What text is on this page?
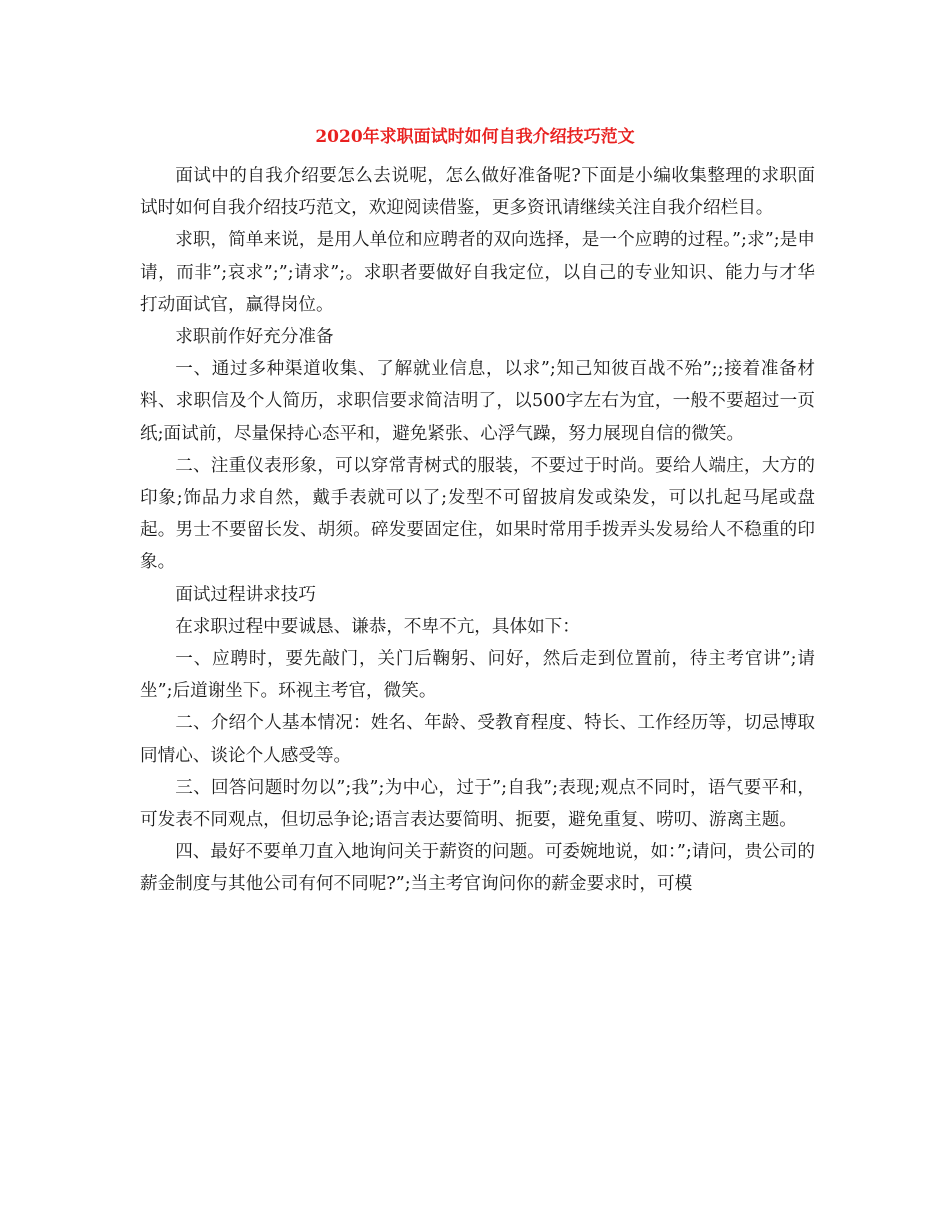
2020年求职面试时如何自我介绍技巧范文

面试中的自我介绍要怎么去说呢，怎么做好准备呢?下面是小编收集整理的求职面试时如何自我介绍技巧范文，欢迎阅读借鉴，更多资讯请继续关注自我介绍栏目。

求职，简单来说，是用人单位和应聘者的双向选择，是一个应聘的过程。”;求”;是申请，而非”;哀求”;”;请求”;。求职者要做好自我定位，以自己的专业知识、能力与才华打动面试官，赢得岗位。

求职前作好充分准备

一、通过多种渠道收集、了解就业信息，以求”;知己知彼百战不殆”;;接着准备材料、求职信及个人简历，求职信要求简洁明了，以500字左右为宜，一般不要超过一页纸;面试前，尽量保持心态平和，避免紧张、心浮气躁，努力展现自信的微笑。

二、注重仪表形象，可以穿常青树式的服装，不要过于时尚。要给人端庄，大方的印象;饰品力求自然，戴手表就可以了;发型不可留披肩发或染发，可以扎起马尾或盘起。男士不要留长发、胡须。碎发要固定住，如果时常用手拨弄头发易给人不稳重的印象。

面试过程讲求技巧

在求职过程中要诚恳、谦恭，不卑不亢，具体如下：

一、应聘时，要先敲门，关门后鞠躬、问好，然后走到位置前，待主考官讲”;请坐”;后道谢坐下。环视主考官，微笑。

二、介绍个人基本情况：姓名、年龄、受教育程度、特长、工作经历等，切忌博取同情心、谈论个人感受等。

三、回答问题时勿以”;我”;为中心，过于”;自我”;表现;观点不同时，语气要平和，可发表不同观点，但切忌争论;语言表达要简明、扼要，避免重复、唠叨、游离主题。

四、最好不要单刀直入地询问关于薪资的问题。可委婉地说，如：”;请问，贵公司的薪金制度与其他公司有何不同呢?”;当主考官询问你的薪金要求时，可模
